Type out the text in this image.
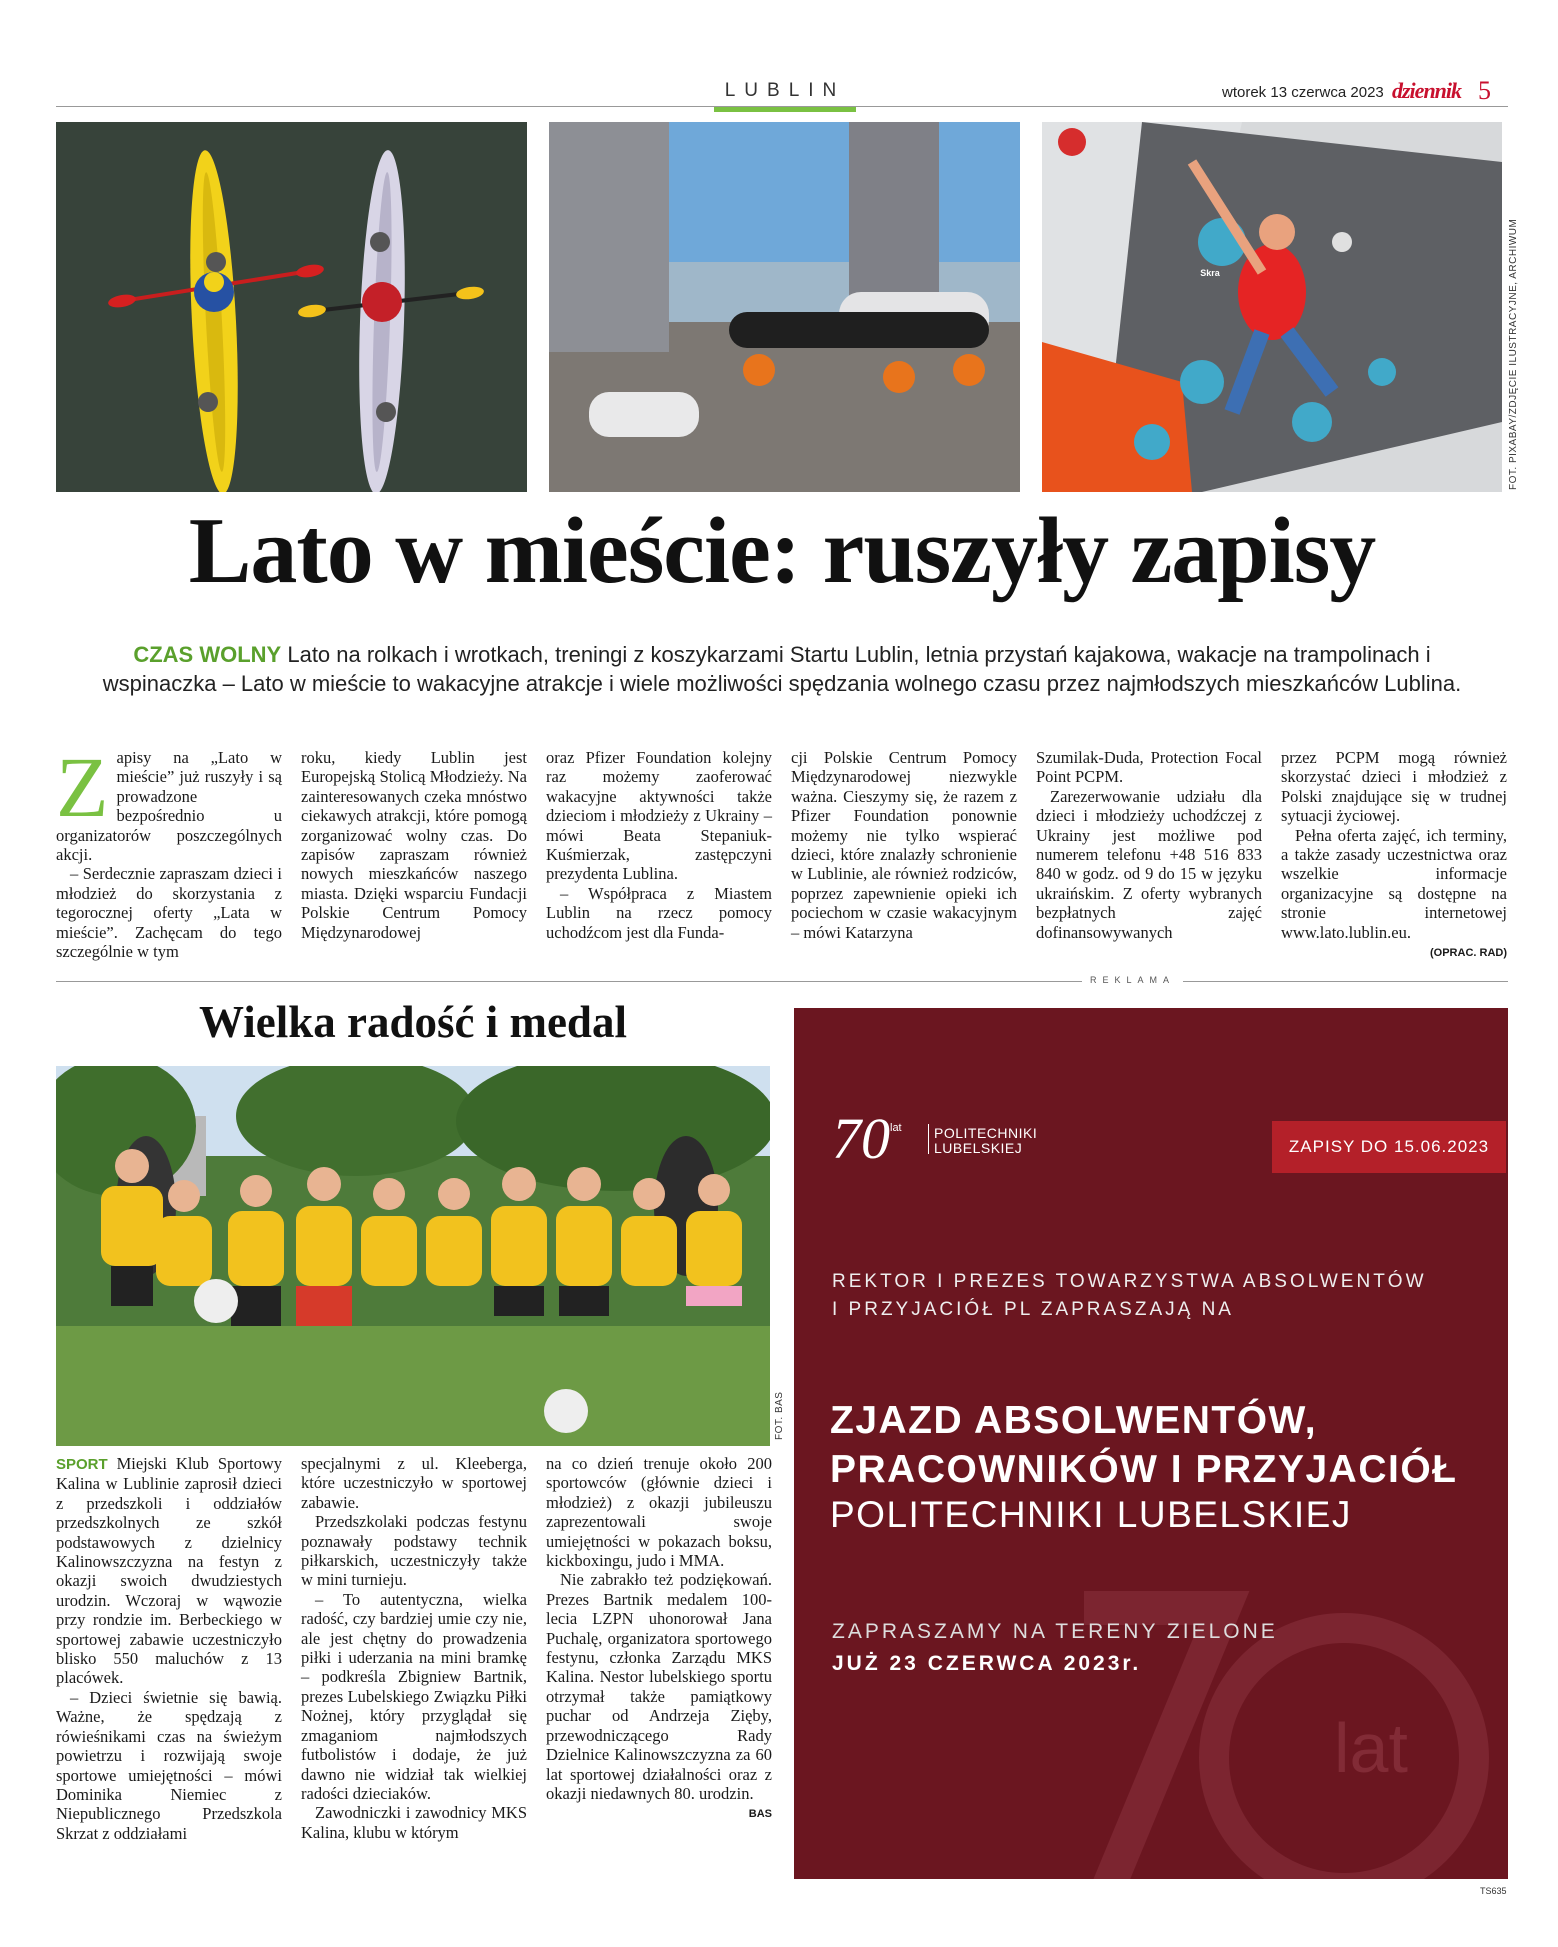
LUBLIN	wtorek 13 czerwca 2023 dziennik 5
Skra	FOT. PIXABAY/ZDJĘCIE ILUSTRACYJNE, ARCHIWUM
Lato w mieście: ruszyły zapisy
CZAS WOLNY Lato na rolkach i wrotkach, treningi z koszykarzami Startu Lublin, letnia przystań kajakowa, wakacje na trampolinach i wspinaczka – Lato w mieście to wakacyjne atrakcje i wiele możliwości spędzania wolnego czasu przez najmłodszych mieszkańców Lublina.
Z apisy na „Lato w mieście” już ruszyły i są prowadzone bezpośrednio u organizatorów poszczególnych akcji.

– Serdecznie zapraszam dzieci i młodzież do skorzystania z tegorocznej oferty „Lata w mieście”. Zachęcam do tego szczególnie w tym

roku, kiedy Lublin jest Europejską Stolicą Młodzieży. Na zainteresowanych czeka mnóstwo ciekawych atrakcji, które pomogą zorganizować wolny czas. Do zapisów zapraszam również nowych mieszkańców naszego miasta. Dzięki wsparciu Fundacji Polskie Centrum Pomocy Międzynarodowej

oraz Pfizer Foundation kolejny raz możemy zaoferować wakacyjne aktywności także dzieciom i młodzieży z Ukrainy – mówi Beata Stepaniuk-Kuśmierzak, zastępczyni prezydenta Lublina.

– Współpraca z Miastem Lublin na rzecz pomocy uchodźcom jest dla Funda-

cji Polskie Centrum Pomocy Międzynarodowej niezwykle ważna. Cieszymy się, że razem z Pfizer Foundation ponownie możemy nie tylko wspierać dzieci, które znalazły schronienie w Lublinie, ale również rodziców, poprzez zapewnienie opieki ich pociechom w czasie wakacyjnym – mówi Katarzyna

Szumilak-Duda, Protection Focal Point PCPM.

Zarezerwowanie udziału dla dzieci i młodzieży uchodźczej z Ukrainy jest możliwe pod numerem telefonu +48 516 833 840 w godz. od 9 do 15 w języku ukraińskim. Z oferty wybranych bezpłatnych zajęć dofinansowywanych

przez PCPM mogą również skorzystać dzieci i młodzież z Polski znajdujące się w trudnej sytuacji życiowej.

Pełna oferta zajęć, ich terminy, a także zasady uczestnictwa oraz wszelkie informacje organizacyjne są dostępne na stronie internetowej www.lato.lublin.eu.

(OPRAC. RAD)
REKLAMA
Wielka radość i medal
FOT. BAS

SPORT Miejski Klub Sportowy Kalina w Lublinie zaprosił dzieci z przedszkoli i oddziałów przedszkolnych ze szkół podstawowych z dzielnicy Kalinowszczyzna na festyn z okazji swoich dwudziestych urodzin. Wczoraj w wąwozie przy rondzie im. Berbeckiego w sportowej zabawie uczestniczyło blisko 550 maluchów z 13 placówek.

– Dzieci świetnie się bawią. Ważne, że spędzają z rówieśnikami czas na świeżym powietrzu i rozwijają swoje sportowe umiejętności – mówi Dominika Niemiec z Niepublicznego Przedszkola Skrzat z oddziałami

specjalnymi z ul. Kleeberga, które uczestniczyło w sportowej zabawie.

Przedszkolaki podczas festynu poznawały podstawy technik piłkarskich, uczestniczyły także w mini turnieju.

– To autentyczna, wielka radość, czy bardziej umie czy nie, ale jest chętny do prowadzenia piłki i uderzania na mini bramkę – podkreśla Zbigniew Bartnik, prezes Lubelskiego Związku Piłki Nożnej, który przyglądał się zmaganiom najmłodszych futbolistów i dodaje, że już dawno nie widział tak wielkiej radości dzieciaków.

Zawodniczki i zawodnicy MKS Kalina, klubu w którym

na co dzień trenuje około 200 sportowców (głównie dzieci i młodzież) z okazji jubileuszu zaprezentowali swoje umiejętności w pokazach boksu, kickboxingu, judo i MMA.

Nie zabrakło też podziękowań. Prezes Bartnik medalem 100-lecia LZPN uhonorował Jana Puchalę, organizatora sportowego festynu, członka Zarządu MKS Kalina. Nestor lubelskiego sportu otrzymał także pamiątkowy puchar od Andrzeja Zięby, przewodniczącego Rady Dzielnice Kalinowszczyzna za 60 lat sportowej działalności oraz z okazji niedawnych 80. urodzin.

BAS
lat
70 lat POLITECHNIKI
LUBELSKIEJ	ZAPISY DO 15.06.2023
REKTOR I PREZES TOWARZYSTWA ABSOLWENTÓW
I PRZYJACIÓŁ PL ZAPRASZAJĄ NA
ZJAZD ABSOLWENTÓW,
PRACOWNIKÓW I PRZYJACIÓŁ
POLITECHNIKI LUBELSKIEJ
ZAPRASZAMY NA TERENY ZIELONE
JUŻ 23 CZERWCA 2023r.
TS635
